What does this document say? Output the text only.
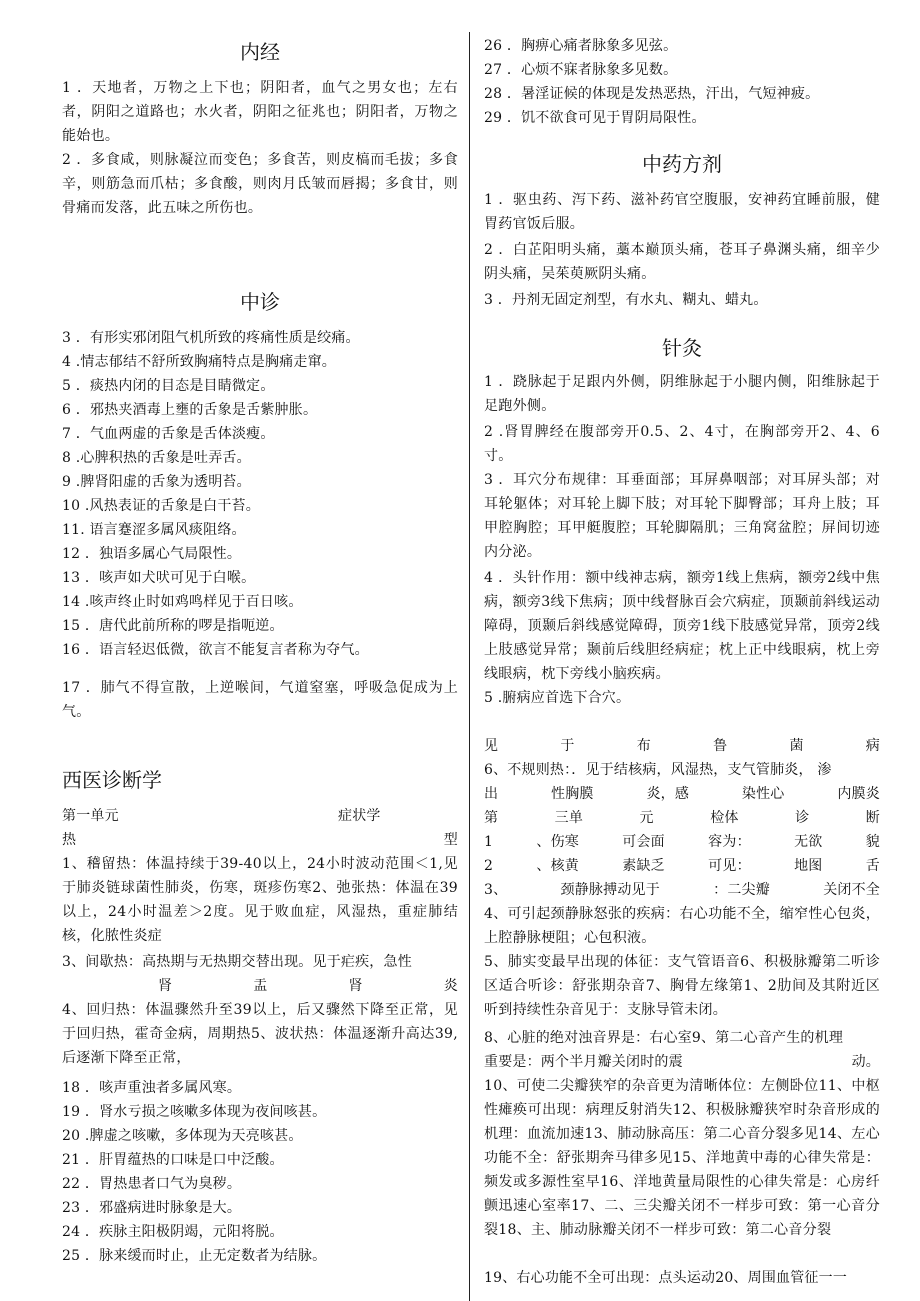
内经
1 ．天地者，万物之上下也；阴阳者，血气之男女也；左右者，阴阳之道路也；水火者，阴阳之征兆也；阴阳者，万物之能始也。
2 ．多食咸，则脉凝泣而变色；多食苦，则皮槁而毛拔；多食辛，则筋急而爪枯；多食酸，则肉月氐皱而唇揭；多食甘，则骨痛而发落，此五味之所伤也。
中诊
3 ．有形实邪闭阻气机所致的疼痛性质是绞痛。
4 .情志郁结不舒所致胸痛特点是胸痛走窜。
5 ．痰热内闭的目态是目睛微定。
6 ．邪热夹酒毒上壅的舌象是舌紫肿胀。
7 ．气血两虚的舌象是舌体淡瘦。
8 .心脾积热的舌象是吐弄舌。
9 .脾肾阳虚的舌象为透明苔。
10 .风热表证的舌象是白干苔。
11. 语言蹇涩多属风痰阻络。
12 ．独语多属心气局限性。
13 ．咳声如犬吠可见于白喉。
14 .咳声终止时如鸡鸣样见于百日咳。
15 ．唐代此前所称的啰是指呃逆。
16 ．语言轻迟低微，欲言不能复言者称为夺气。
17 ．肺气不得宣散，上逆喉间，气道窒塞，呼吸急促成为上气。
西医诊断学
第一单元	症状学
热	型
1、稽留热：体温持续于39-40以上，24小时波动范围＜1,见于肺炎链球菌性肺炎，伤寒，斑疹伤寒2、弛张热：体温在39以上，24小时温差＞2度。见于败血症，风湿热，重症肺结核，化脓性炎症
3、间歇热：高热期与无热期交替出现。见于疟疾，急性
肾	盂	肾	炎
4、回归热：体温骤然升至39以上，后又骤然下降至正常，见于回归热，霍奇金病，周期热5、波状热：体温逐渐升高达39,后逐渐下降至正常，
18 ．咳声重浊者多属风寒。
19 ．肾水亏损之咳嗽多体现为夜间咳甚。
20 .脾虚之咳嗽，多体现为天亮咳甚。
21 ．肝胃蕴热的口味是口中泛酸。
22 ．胃热患者口气为臭秽。
23 ．邪盛病进时脉象是大。
24 ．疾脉主阳极阴竭，元阳将脱。
25 ．脉来缓而时止，止无定数者为结脉。
26 ．胸痹心痛者脉象多见弦。
27 ．心烦不寐者脉象多见数。
28 ．暑淫证候的体现是发热恶热，汗出，气短神疲。
29 ．饥不欲食可见于胃阴局限性。
中药方剂
1 ．驱虫药、泻下药、滋补药官空腹服，安神药宜睡前服，健胃药官饭后服。
2 ．白芷阳明头痛，藁本巅顶头痛，苍耳子鼻渊头痛，细辛少阴头痛，吴茱萸厥阴头痛。
3 ．丹剂无固定剂型，有水丸、糊丸、蜡丸。
针灸
1 ．跷脉起于足跟内外侧，阴维脉起于小腿内侧，阳维脉起于足跑外侧。
2 .肾胃脾经在腹部旁开0.5、2、4寸，在胸部旁开2、4、6寸。
3 ．耳穴分布规律：耳垂面部；耳屏鼻咽部；对耳屏头部；对耳轮躯体；对耳轮上脚下肢；对耳轮下脚臀部；耳舟上肢；耳甲腔胸腔；耳甲艇腹腔；耳轮脚隔肌；三角窝盆腔；屏间切迹内分泌。
4 ．头针作用：额中线神志病，额旁1线上焦病，额旁2线中焦病，额旁3线下焦病；顶中线督脉百会穴病症，顶颞前斜线运动障碍，顶颞后斜线感觉障碍，顶旁1线下肢感觉异常，顶旁2线上肢感觉异常；颞前后线胆经病症；枕上正中线眼病，枕上旁线眼病，枕下旁线小脑疾病。
5 .腑病应首选下合穴。
见	于	布	鲁	菌	病
6、不规则热：．见于结核病，风湿热，支气管肺炎， 渗
出	性胸膜	炎，感	染性心	内膜炎
第	三单	元	检体	诊	断
1	、伤寒	可会面	容为：	无欲	貌
2	、核黄	素缺乏	可见：	地图	舌
3、	颈静脉搏动见于	：二尖瓣	关闭不全
4、可引起颈静脉怒张的疾病：右心功能不全，缩窄性心包炎，上腔静脉梗阻；心包积液。
5、肺实变最早出现的体征：支气管语音6、积极脉瓣第二听诊区适合听诊：舒张期杂音7、胸骨左缘第1、2肋间及其附近区听到持续性杂音见于：支脉导管未闭。
8、心脏的绝对浊音界是：右心室9、第二心音产生的机理
重要是：两个半月瓣关闭时的震	动。
10、可使二尖瓣狭窄的杂音更为清晰体位：左侧卧位11、中枢性瘫痪可出现：病理反射消失12、积极脉瓣狭窄时杂音形成的机理：血流加速13、肺动脉高压：第二心音分裂多见14、左心功能不全：舒张期奔马律多见15、洋地黄中毒的心律失常是：频发或多源性室早16、洋地黄量局限性的心律失常是：心房纤颤迅速心室率17、二、三尖瓣关闭不一样步可致：第一心音分裂18、主、肺动脉瓣关闭不一样步可致：第二心音分裂
19、右心功能不全可出现：点头运动20、周围血管征一一
